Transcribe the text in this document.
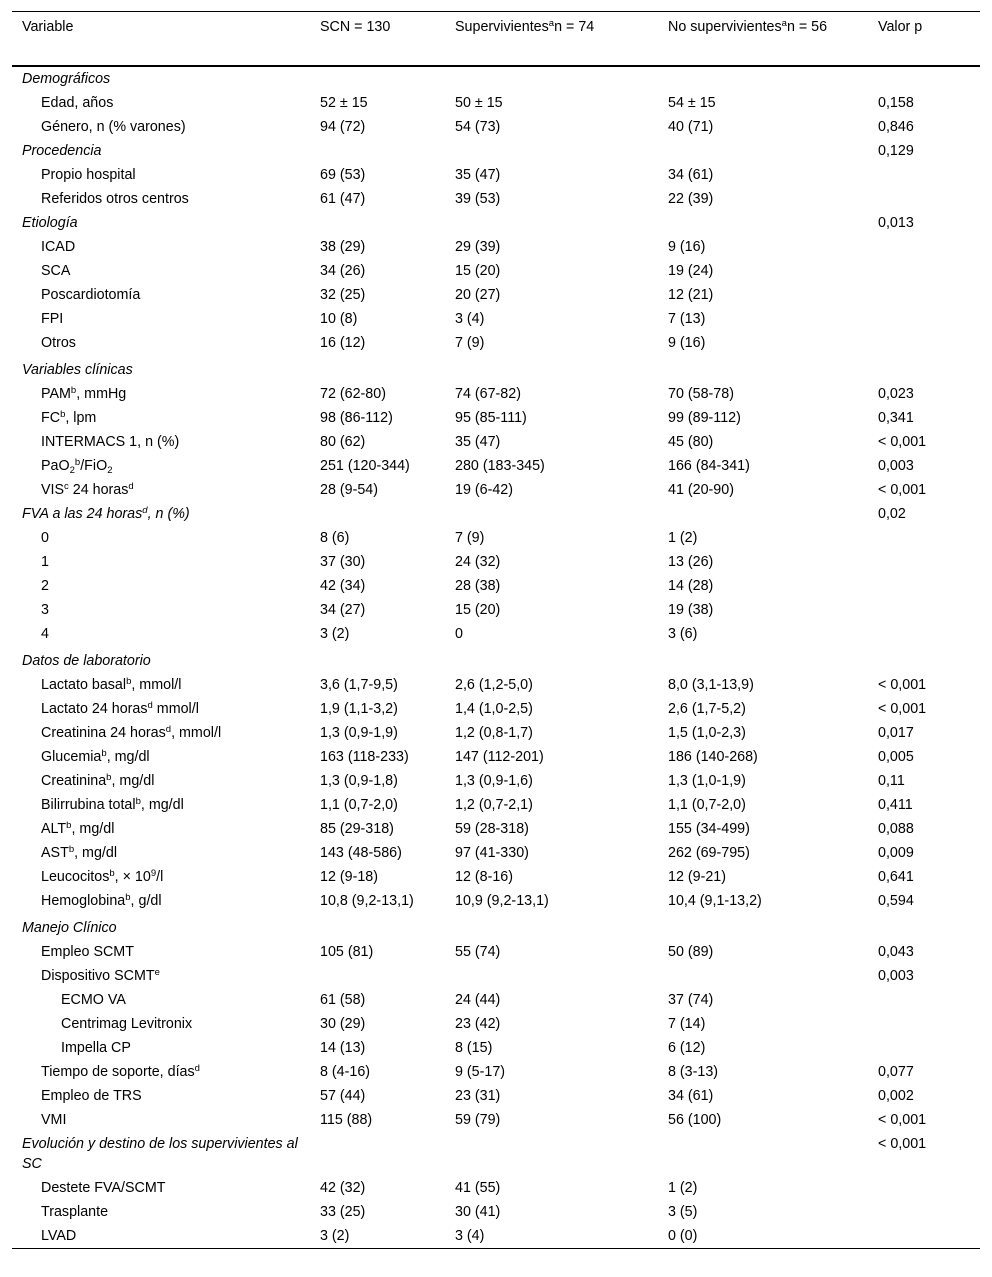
Variable	SCN = 130	Supervivientes$^a$n = 74	No supervivientes$^a$n = 56	Valor p
Demográficos				
Edad, años	52 ± 15	50 ± 15	54 ± 15	0,158
Género, n (% varones)	94 (72)	54 (73)	40 (71)	0,846
Procedencia				0,129
Propio hospital	69 (53)	35 (47)	34 (61)	
Referidos otros centros	61 (47)	39 (53)	22 (39)	
Etiología				0,013
ICAD	38 (29)	29 (39)	9 (16)	
SCA	34 (26)	15 (20)	19 (24)	
Poscardiotomía	32 (25)	20 (27)	12 (21)	
FPI	10 (8)	3 (4)	7 (13)	
Otros	16 (12)	7 (9)	9 (16)	
Variables clínicas				
PAM$^b$, mmHg	72 (62-80)	74 (67-82)	70 (58-78)	0,023
$FC^b$, lpm	98 (86-112)	95 (85-111)	99 (89-112)	0,341
INTERMACS 1, n (%)	80 (62)	35 (47)	45 (80)	< 0,001
PaO$_2^b$/FiO$_2$	251 (120-344)	280 (183-345)	166 (84-341)	0,003
VIS$^c$ 24 horas$^d$	28 (9-54)	19 (6-42)	41 (20-90)	< 0,001
FVA a las 24 horas$^d$, n (%)				0,02
0	8 (6)	7 (9)	1 (2)	
1	37 (30)	24 (32)	13 (26)	
2	42 (34)	28 (38)	14 (28)	
3	34 (27)	15 (20)	19 (38)	
4	3 (2)	0	3 (6)	
Datos de laboratorio				
Lactato basal$^b$, mmol/l	3,6 (1,7-9,5)	2,6 (1,2-5,0)	8,0 (3,1-13,9)	< 0,001
Lactato 24 horas$^d$ mmol/l	1,9 (1,1-3,2)	1,4 (1,0-2,5)	2,6 (1,7-5,2)	< 0,001
Creatinina 24 horas$^d$, mmol/l	1,3 (0,9-1,9)	1,2 (0,8-1,7)	1,5 (1,0-2,3)	0,017
Glucemia$^b$, mg/dl	163 (118-233)	147 (112-201)	186 (140-268)	0,005
Creatinina$^b$, mg/dl	1,3 (0,9-1,8)	1,3 (0,9-1,6)	1,3 (1,0-1,9)	0,11
Bilirrubina total$^b$, mg/dl	1,1 (0,7-2,0)	1,2 (0,7-2,1)	1,1 (0,7-2,0)	0,411
ALT$^b$, mg/dl	85 (29-318)	59 (28-318)	155 (34-499)	0,088
AST$^b$, mg/dl	143 (48-586)	97 (41-330)	262 (69-795)	0,009
Leucocitos$^b$, × $10^9/l$	12 (9-18)	12 (8-16)	12 (9-21)	0,641
Hemoglobina$^b$, g/dl	10,8 (9,2-13,1)	10,9 (9,2-13,1)	10,4 (9,1-13,2)	0,594
Manejo Clínico				
Empleo SCMT	105 (81)	55 (74)	50 (89)	0,043
Dispositivo SCMT$^e$				0,003
ECMO VA	61 (58)	24 (44)	37 (74)	
Centrimag Levitronix	30 (29)	23 (42)	7 (14)	
Impella CP	14 (13)	8 (15)	6 (12)	
Tiempo de soporte, días$^d$	8 (4-16)	9 (5-17)	8 (3-13)	0,077
Empleo de TRS	57 (44)	23 (31)	34 (61)	0,002
VMI	115 (88)	59 (79)	56 (100)	< 0,001
Evolución y destino de los supervivientes al SC				< 0,001
Destete FVA/SCMT	42 (32)	41 (55)	1 (2)	
Trasplante	33 (25)	30 (41)	3 (5)	
LVAD	3 (2)	3 (4)	0 (0)	
